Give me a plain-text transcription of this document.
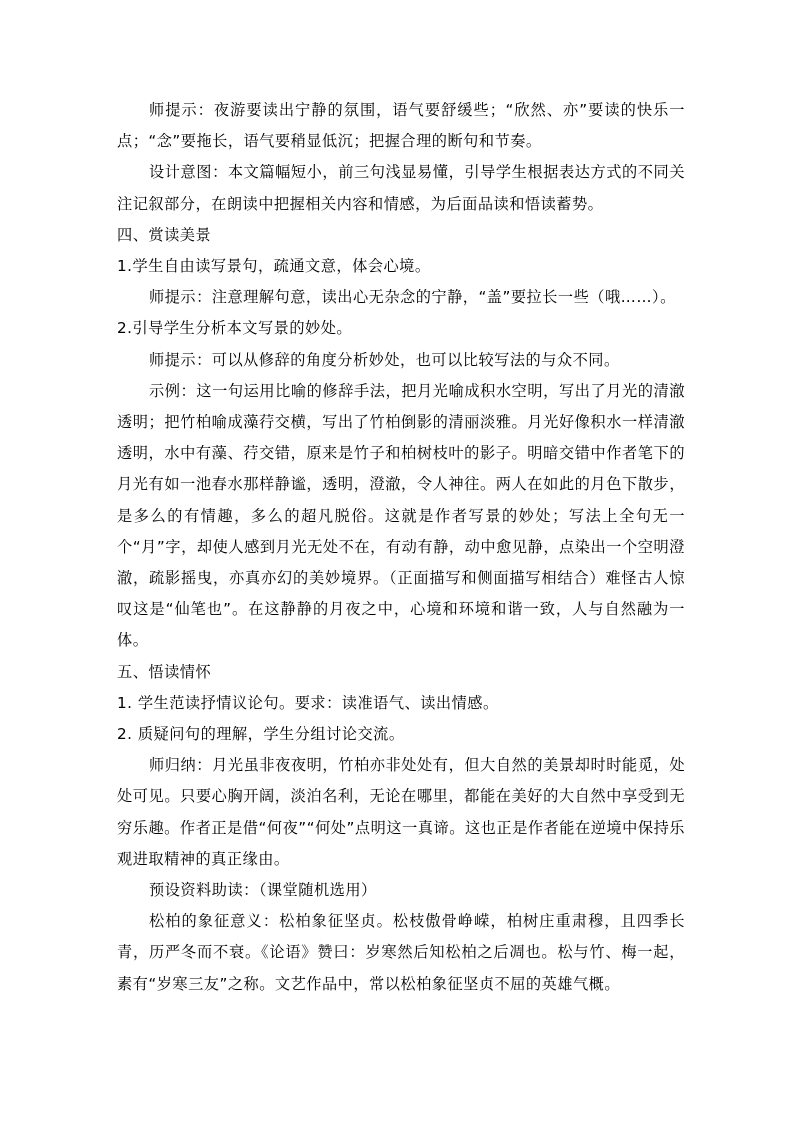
师提示：夜游要读出宁静的氛围，语气要舒缓些；“欣然、亦”要读的快乐一点；“念”要拖长，语气要稍显低沉；把握合理的断句和节奏。

设计意图：本文篇幅短小，前三句浅显易懂，引导学生根据表达方式的不同关注记叙部分，在朗读中把握相关内容和情感，为后面品读和悟读蓄势。

四、赏读美景

1.学生自由读写景句，疏通文意，体会心境。

师提示：注意理解句意，读出心无杂念的宁静，“盖”要拉长一些（哦……）。

2.引导学生分析本文写景的妙处。

师提示：可以从修辞的角度分析妙处，也可以比较写法的与众不同。

示例：这一句运用比喻的修辞手法，把月光喻成积水空明，写出了月光的清澈透明；把竹柏喻成藻荇交横，写出了竹柏倒影的清丽淡雅。月光好像积水一样清澈透明，水中有藻、荇交错，原来是竹子和柏树枝叶的影子。明暗交错中作者笔下的月光有如一池春水那样静谧，透明，澄澈，令人神往。两人在如此的月色下散步，是多么的有情趣，多么的超凡脱俗。这就是作者写景的妙处；写法上全句无一个“月”字，却使人感到月光无处不在，有动有静，动中愈见静，点染出一个空明澄澈，疏影摇曳，亦真亦幻的美妙境界。（正面描写和侧面描写相结合）难怪古人惊叹这是“仙笔也”。在这静静的月夜之中，心境和环境和谐一致，人与自然融为一体。

五、悟读情怀

1. 学生范读抒情议论句。要求：读准语气、读出情感。

2. 质疑问句的理解，学生分组讨论交流。

师归纳：月光虽非夜夜明，竹柏亦非处处有，但大自然的美景却时时能觅，处处可见。只要心胸开阔，淡泊名利，无论在哪里，都能在美好的大自然中享受到无穷乐趣。作者正是借“何夜”“何处”点明这一真谛。这也正是作者能在逆境中保持乐观进取精神的真正缘由。

预设资料助读：（课堂随机选用）

松柏的象征意义：松柏象征坚贞。松枝傲骨峥嵘，柏树庄重肃穆，且四季长青，历严冬而不衰。《论语》赞曰：岁寒然后知松柏之后凋也。松与竹、梅一起，素有“岁寒三友”之称。文艺作品中，常以松柏象征坚贞不屈的英雄气概。
